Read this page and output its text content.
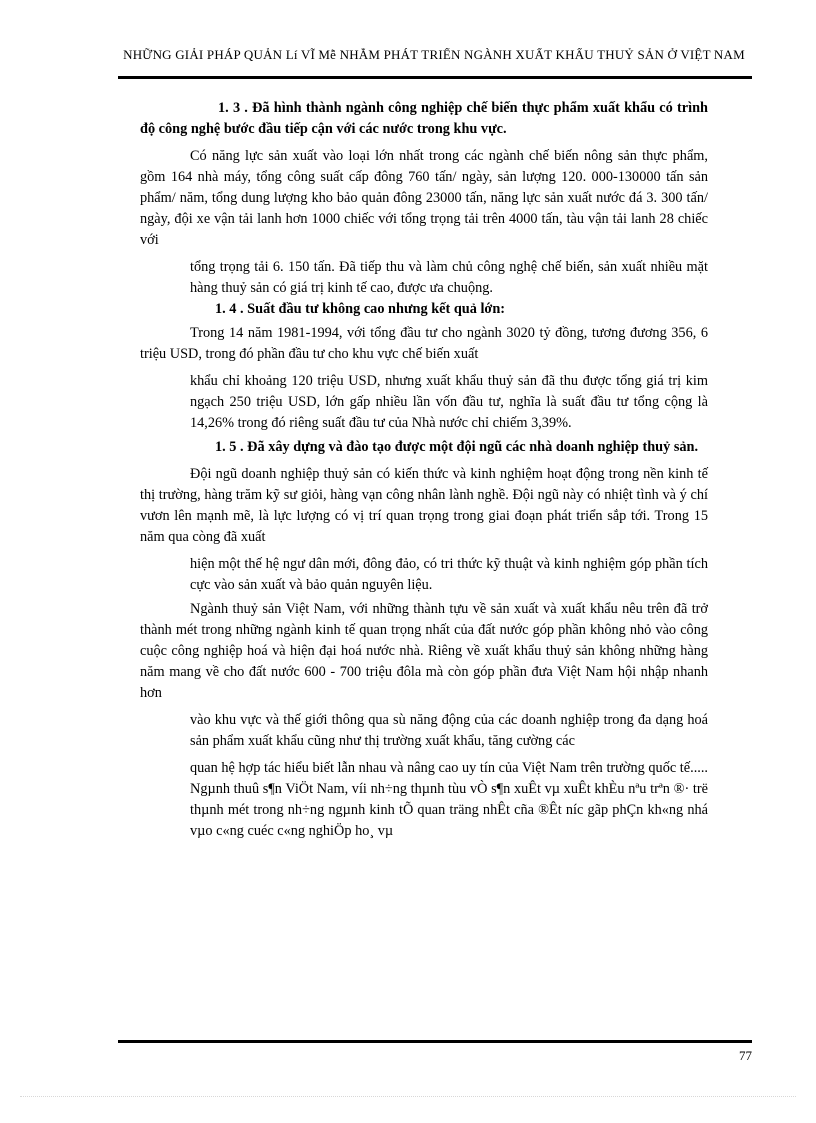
NHỮNG GIẢI PHÁP QUẢN Lí VĨ Mễ NHẰM PHÁT TRIỂN NGÀNH XUẤT KHẨU THUỶ SẢN Ở VIỆT NAM

1. 3 . Đã hình thành ngành công nghiệp chế biến thực phẩm xuất khẩu có trình độ công nghệ bước đầu tiếp cận với các nước trong khu vực.

Có năng lực sản xuất vào loại lớn nhất trong các ngành chế biến nông sản thực phẩm, gồm 164 nhà máy, tổng công suất cấp đông 760 tấn/ ngày, sản lượng 120. 000-130000 tấn sản phẩm/ năm, tổng dung lượng kho bảo quản đông 23000 tấn, năng lực sản xuất nước đá 3. 300 tấn/ ngày, đội xe vận tải lanh hơn 1000 chiếc với tổng trọng tải trên 4000 tấn, tàu vận tải lanh 28 chiếc với

tổng trọng tải 6. 150 tấn. Đã tiếp thu và làm chủ công nghệ chế biến, sản xuất nhiều mặt hàng thuỷ sản có giá trị kinh tế cao, được ưa chuộng.

1. 4 . Suất đầu tư không cao nhưng kết quả lớn:

Trong 14 năm 1981-1994, với tổng đầu tư cho ngành 3020 tỷ đồng, tương đương 356, 6 triệu USD, trong đó phần đầu tư cho khu vực chế biến xuất

khẩu chỉ khoảng 120 triệu USD, nhưng xuất khẩu thuỷ sản đã thu được tổng giá trị kim ngạch 250 triệu USD, lớn gấp nhiều lần vốn đầu tư, nghĩa là suất đầu tư tổng cộng là 14,26% trong đó riêng suất đầu tư của Nhà nước chỉ chiếm 3,39%.

1. 5 . Đã xây dựng và đào tạo được một đội ngũ các nhà doanh nghiệp thuỷ sản.

Đội ngũ doanh nghiệp thuỷ sản có kiến thức và kinh nghiệm hoạt động trong nền kinh tế thị trường, hàng trăm kỹ sư giỏi, hàng vạn công nhân lành nghề. Đội ngũ này có nhiệt tình và ý chí vươn lên mạnh mẽ, là lực lượng có vị trí quan trọng trong giai đoạn phát triển sắp tới. Trong 15 năm qua còng đã xuất

hiện một thế hệ ngư dân mới, đông đảo, có tri thức kỹ thuật và kinh nghiệm góp phần tích cực vào sản xuất và bảo quản nguyên liệu.

Ngành thuỷ sản Việt Nam, với những thành tựu về sản xuất và xuất khẩu nêu trên đã trở thành mét trong những ngành kinh tế quan trọng nhất của đất nước góp phần không nhỏ vào công cuộc công nghiệp hoá và hiện đại hoá nước nhà. Riêng về xuất khẩu thuỷ sản không những hàng năm mang về cho đất nước 600 - 700 triệu đôla mà còn góp phần đưa Việt Nam hội nhập nhanh hơn

vào khu vực và thế giới thông qua sù năng động của các doanh nghiệp trong đa dạng hoá sản phẩm xuất khẩu cũng như thị trường xuất khẩu, tăng cường các

quan hệ hợp tác hiểu biết lẫn nhau và nâng cao uy tín của Việt Nam trên trường quốc tế..... Ngµnh thuû s¶n ViÖt Nam, víi nh÷ng thµnh tùu vÒ s¶n xuÊt vµ xuÊt khÈu nªu trªn ®· trë thµnh mét trong nh÷ng ngµnh kinh tÕ quan träng nhÊt cña ®Êt níc gãp phÇn kh«ng nhá vµo c«ng cuéc c«ng nghiÖp ho¸ vµ

77
